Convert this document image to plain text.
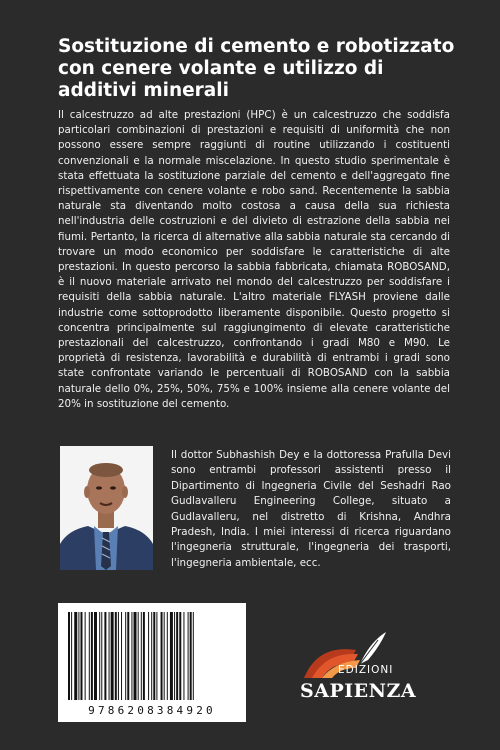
Sostituzione di cemento e robotizzato con cenere volante e utilizzo di additivi minerali

Il calcestruzzo ad alte prestazioni (HPC) è un calcestruzzo che soddisfa particolari combinazioni di prestazioni e requisiti di uniformità che non possono essere sempre raggiunti di routine utilizzando i costituenti convenzionali e la normale miscelazione. In questo studio sperimentale è stata effettuata la sostituzione parziale del cemento e dell'aggregato fine rispettivamente con cenere volante e robo sand. Recentemente la sabbia naturale sta diventando molto costosa a causa della sua richiesta nell'industria delle costruzioni e del divieto di estrazione della sabbia nei fiumi. Pertanto, la ricerca di alternative alla sabbia naturale sta cercando di trovare un modo economico per soddisfare le caratteristiche di alte prestazioni. In questo percorso la sabbia fabbricata, chiamata ROBOSAND, è il nuovo materiale arrivato nel mondo del calcestruzzo per soddisfare i requisiti della sabbia naturale. L'altro materiale FLYASH proviene dalle industrie come sottoprodotto liberamente disponibile. Questo progetto si concentra principalmente sul raggiungimento di elevate caratteristiche prestazionali del calcestruzzo, confrontando i gradi M80 e M90. Le proprietà di resistenza, lavorabilità e durabilità di entrambi i gradi sono state confrontate variando le percentuali di ROBOSAND con la sabbia naturale dello 0%, 25%, 50%, 75% e 100% insieme alla cenere volante del 20% in sostituzione del cemento.

Il dottor Subhashish Dey e la dottoressa Prafulla Devi sono entrambi professori assistenti presso il Dipartimento di Ingegneria Civile del Seshadri Rao Gudlavalleru Engineering College, situato a Gudlavalleru, nel distretto di Krishna, Andhra Pradesh, India. I miei interessi di ricerca riguardano l'ingegneria strutturale, l'ingegneria dei trasporti, l'ingegneria ambientale, ecc.

9786208384920
EDIZIONI
SAPIENZA
